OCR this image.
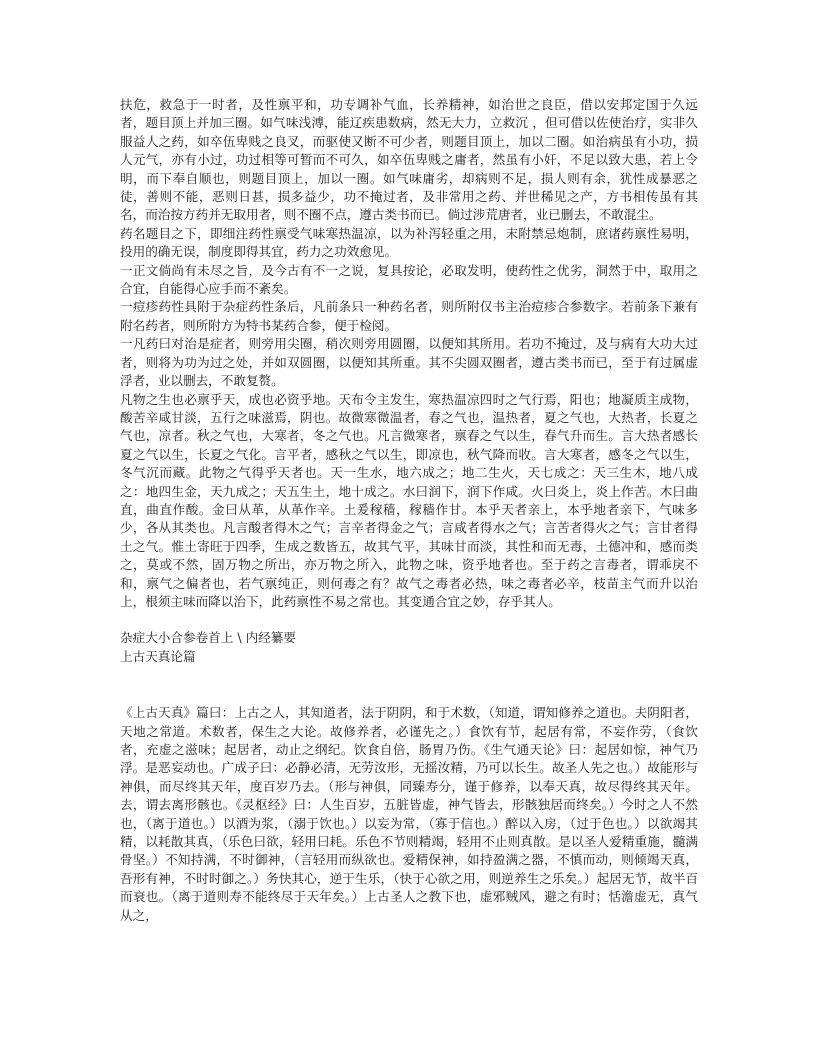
扶危，救急于一时者，及性禀平和，功专调补气血，长养精神，如治世之良臣，借以安邦定国于久远者，题目顶上并加三圈。如气味浅溥，能辽疾患数病，然无大力，立救沉 ，但可借以佐使治疗，实非久服益人之药，如卒伍卑贱之良叉，而驱使又断不可少者，则题目顶上，加以二圈。如治病虽有小功，损人元气，亦有小过，功过相等可暂而不可久，如卒伍卑贱之庸者，然虽有小奸，不足以致大患，若上令明，而下奉自顺也，则题目顶上，加以一圈。如气味庸劣，却病则不足，损人则有余，犹性成暴恶之徒，善则不能，恶则日甚，损多益少，功不掩过者，及非常用之药、并世稀见之产，方书相传虽有其名，而治按方药并无取用者，则不圈不点，遵古类书而已。倘过涉荒唐者，业已删去，不敢混尘。

药名题目之下，即细注药性禀受气味寒热温凉，以为补泻轻重之用，末附禁忌炮制，庶诸药禀性易明，投用的确无误，制度即得其宜，药力之功效愈见。

一正文倘尚有未尽之旨，及今古有不一之说，复具按论，必取发明，使药性之优劣，洞然于中，取用之合宜，自能得心应手而不紊矣。

一痘疹药性具附于杂症药性条后，凡前条只一种药名者，则所附仅书主治痘疹合参数字。若前条下兼有附名药者，则所附方为特书某药合参，便于检阅。

一凡药曰对治是症者，则旁用尖圈，稍次则旁用圆圈，以便知其所用。若功不掩过，及与病有大功大过者，则将为功为过之处，并如双圆圈，以便知其所重。其不尖圆双圈者，遵古类书而已，至于有过属虚浮者，业以删去，不敢复赘。

凡物之生也必禀乎天，成也必资乎地。天布令主发生，寒热温凉四时之气行焉，阳也；地凝质主成物，酸苦辛咸甘淡，五行之味滋焉，阴也。故微寒微温者，春之气也，温热者，夏之气也，大热者，长夏之气也，凉者。秋之气也，大寒者，冬之气也。凡言微寒者，禀春之气以生，春气升而生。言大热者感长夏之气以生，长夏之气化。言平者，感秋之气以生，即凉也，秋气降而收。言大寒者，感冬之气以生，冬气沉而藏。此物之气得乎天者也。天一生水，地六成之；地二生火，天七成之：天三生木，地八成之：地四生金，天九成之；天五生土，地十成之。水曰润下，润下作咸。火曰炎上，炎上作苦。木曰曲直，曲直作酸。金曰从革，从革作辛。土爰稼穑，稼穑作甘。本乎天者亲上，本乎地者亲下，气味多少，各从其类也。凡言酸者得木之气；言辛者得金之气；言咸者得水之气；言苦者得火之气；言甘者得土之气。惟土寄旺于四季，生成之数皆五，故其气平，其味甘而淡，其性和而无毒，土德冲和，感而类之，莫或不然，固万物之所出，亦万物之所入，此物之味，资乎地者也。至于药之言毒者，谓乖戾不和，禀气之偏者也，若气禀纯正，则何毒之有？故气之毒者必热，味之毒者必辛，枝苗主气而升以治上，根须主味而降以治下，此药禀性不易之常也。其变通合宜之妙，存乎其人。

杂症大小合参卷首上 \ 内经纂要

上古天真论篇

《上古天真》篇曰：上古之人，其知道者，法于阴阴，和于术数，（知道，谓知修养之道也。夫阴阳者，天地之常道。术数者，保生之大论。故修养者，必谨先之。）食饮有节，起居有常，不妄作劳，（食饮者，充虚之滋味；起居者，动止之纲纪。饮食自倍，肠胃乃伤。《生气通天论》曰：起居如惊，神气乃浮。是恶妄动也。广成子曰：必静必清，无劳汝形，无摇汝精，乃可以长生。故圣人先之也。）故能形与神俱，而尽终其天年，度百岁乃去。（形与神俱，同臻寿分，谨于修养，以奉天真，故尽得终其天年。去，谓去离形骸也。《灵枢经》曰：人生百岁，五脏皆虚，神气皆去，形骸独居而终矣。）今时之人不然也，（离于道也。）以酒为浆，（溺于饮也。）以妄为常，（寡于信也。）醉以入房，（过于色也。）以欲竭其精，以耗散其真，（乐色曰欲，轻用曰耗。乐色不节则精竭，轻用不止则真散。是以圣人爱精重施，髓满骨坚。）不知持满，不时御神，（言轻用而纵欲也。爱精保神，如持盈满之器，不慎而动，则倾竭天真，吾形有神，不时时御之。）务快其心，逆于生乐，（快于心欲之用，则逆养生之乐矣。）起居无节，故半百而衰也。（离于道则寿不能终尽于天年矣。）上古圣人之教下也，虚邪贼风，避之有时；恬澹虚无，真气从之，
